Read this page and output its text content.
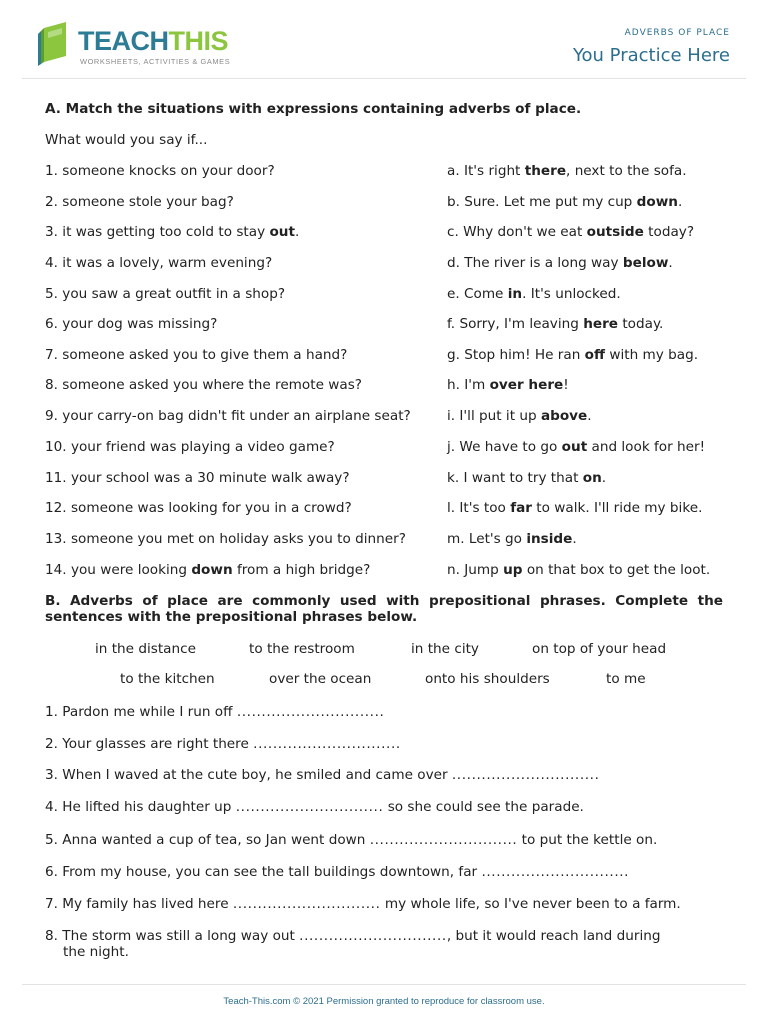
TEACHTHIS
WORKSHEETS, ACTIVITIES & GAMES
ADVERBS OF PLACE
You Practice Here
A. Match the situations with expressions containing adverbs of place.
What would you say if...
1. someone knocks on your door?	a. It's right there, next to the sofa.
2. someone stole your bag?	b. Sure. Let me put my cup down.
3. it was getting too cold to stay out.	c. Why don't we eat outside today?
4. it was a lovely, warm evening?	d. The river is a long way below.
5. you saw a great outfit in a shop?	e. Come in. It's unlocked.
6. your dog was missing?	f. Sorry, I'm leaving here today.
7. someone asked you to give them a hand?	g. Stop him! He ran off with my bag.
8. someone asked you where the remote was?	h. I'm over here!
9. your carry-on bag didn't fit under an airplane seat?	i. I'll put it up above.
10. your friend was playing a video game?	j. We have to go out and look for her!
11. your school was a 30 minute walk away?	k. I want to try that on.
12. someone was looking for you in a crowd?	l. It's too far to walk. I'll ride my bike.
13. someone you met on holiday asks you to dinner?	m. Let's go inside.
14. you were looking down from a high bridge?	n. Jump up on that box to get the loot.
B. Adverbs of place are commonly used with prepositional phrases. Complete the sentences with the prepositional phrases below.
in the distance	to the restroom	in the city	on top of your head
to the kitchen	over the ocean	onto his shoulders	to me
1. Pardon me while I run off ..............................
2. Your glasses are right there ..............................
3. When I waved at the cute boy, he smiled and came over ..............................
4. He lifted his daughter up .............................. so she could see the parade.
5. Anna wanted a cup of tea, so Jan went down .............................. to put the kettle on.
6. From my house, you can see the tall buildings downtown, far ..............................
7. My family has lived here .............................. my whole life, so I've never been to a farm.
8. The storm was still a long way out .............................., but it would reach land during
the night.
Teach-This.com © 2021 Permission granted to reproduce for classroom use.
